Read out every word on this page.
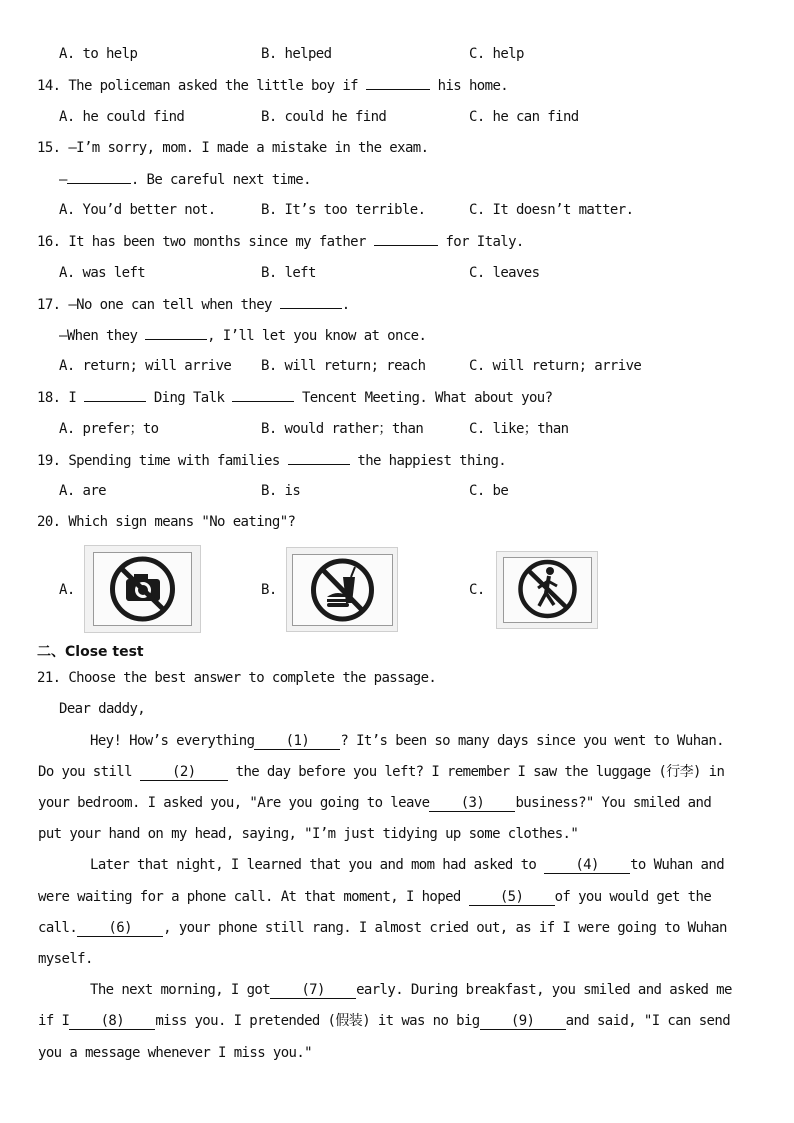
A. to help	B. helped	C. help
14. The policeman asked the little boy if	his home.
A. he could find	B. could he find	C. he can find
15. —I’m sorry, mom. I made a mistake in the exam.
—	. Be careful next time.
A. You’d better not.	B. It’s too terrible.	C. It doesn’t matter.
16. It has been two months since my father	for Italy.
A. was left	B. left	C. leaves
17. —No one can tell when they	.
—When they	, I’ll let you know at once.
A. return; will arrive B. will return; reach	C. will return; arrive
18. I	Ding Talk	Tencent Meeting. What about you?
A. prefer；to	B. would rather；than	C. like；than
19. Spending time with families	the happiest thing.
A. are	B. is	C. be
20. Which sign means "No eating"?
A.	B.	C.
二、Close test
21. Choose the best answer to complete the passage.
Dear daddy,
Hey! How’s everything (1) ? It’s been so many days since you went to Wuhan.
Do you still (2) the day before you left? I remember I saw the luggage (行李) in
your bedroom. I asked you, "Are you going to leave (3) business?" You smiled and
put your hand on my head, saying, "I’m just tidying up some clothes."
Later that night, I learned that you and mom had asked to (4) to Wuhan and
were waiting for a phone call. At that moment, I hoped (5) of you would get the
call. (6) , your phone still rang. I almost cried out, as if I were going to Wuhan
myself.
The next morning, I got (7) early. During breakfast, you smiled and asked me
if I (8) miss you. I pretended (假装) it was no big (9) and said, "I can send
you a message whenever I miss you."
